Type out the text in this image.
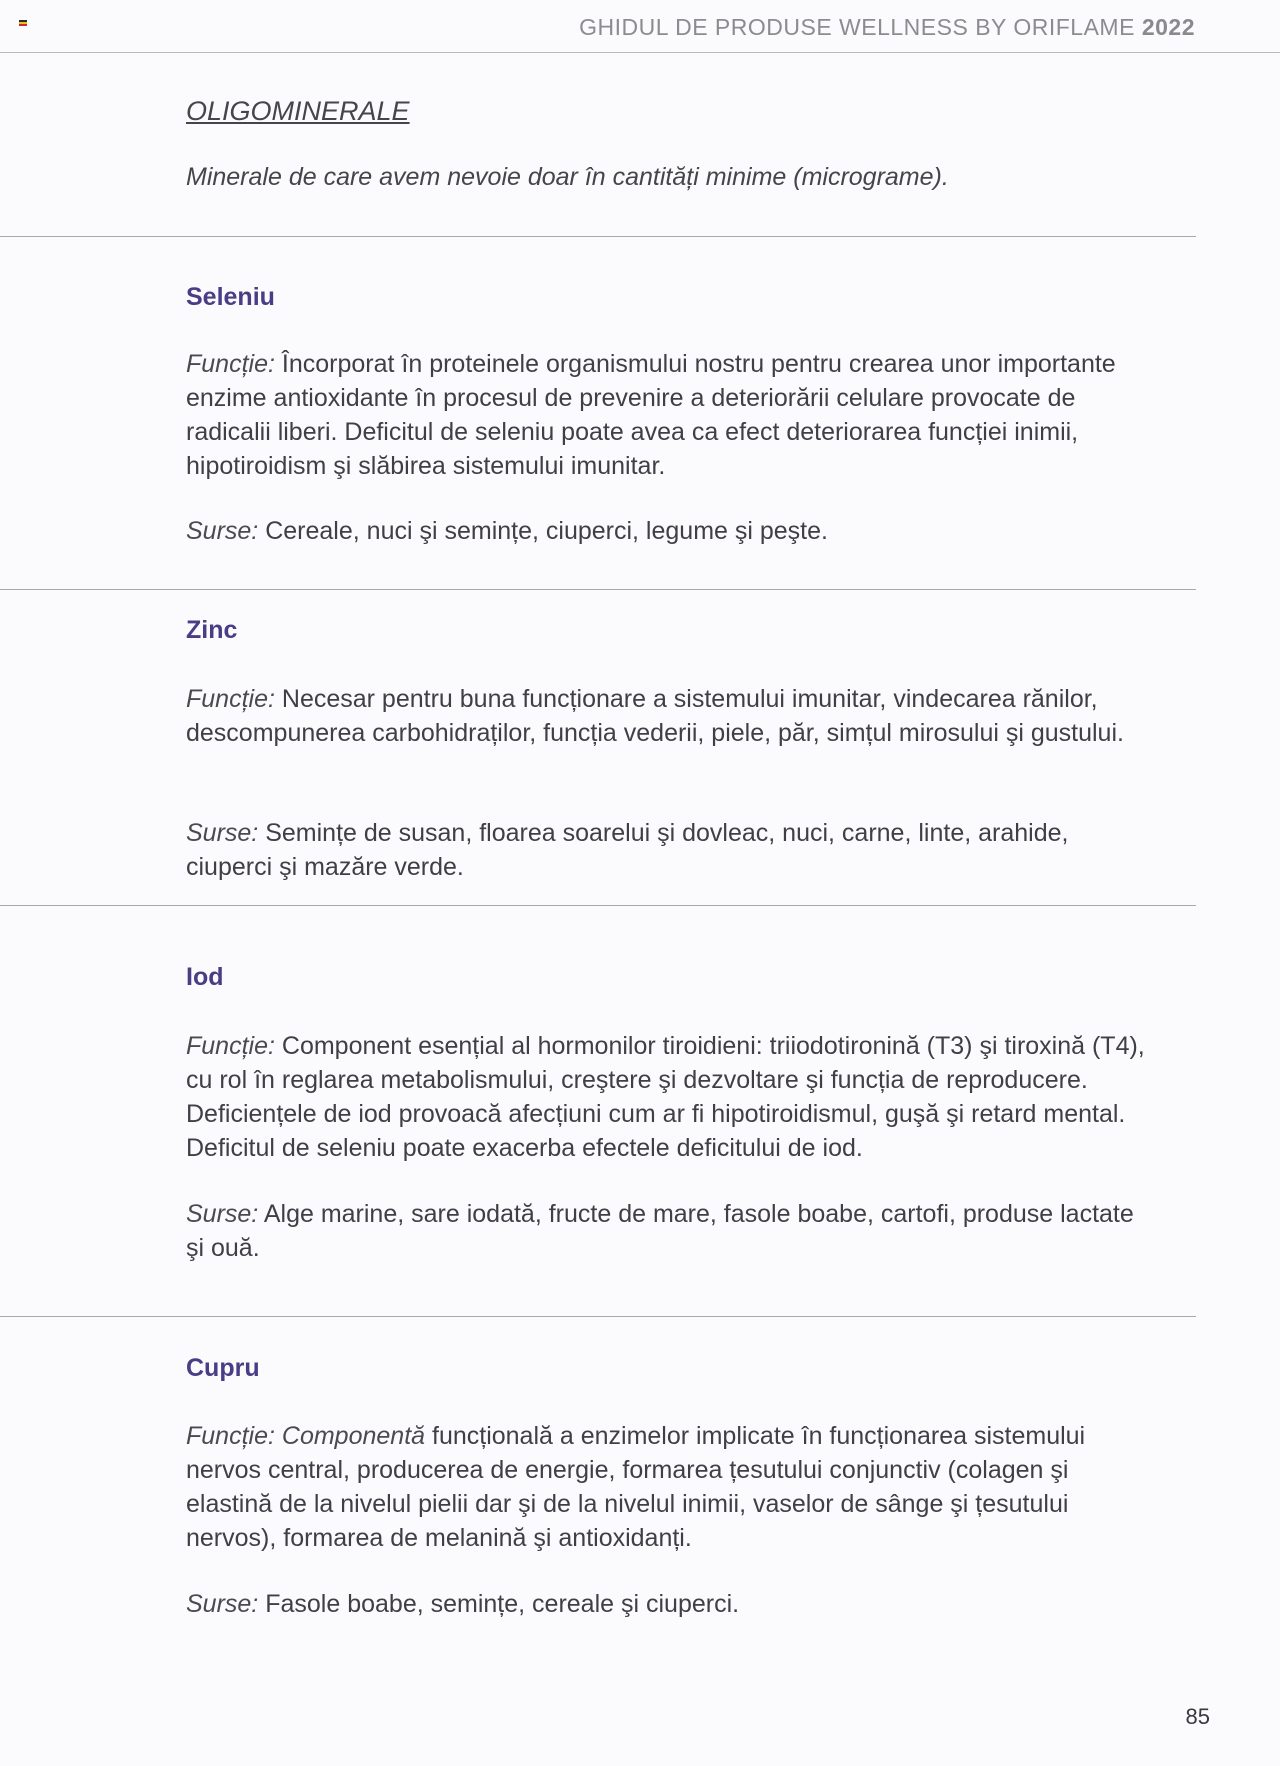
GHIDUL DE PRODUSE WELLNESS BY ORIFLAME 2022
OLIGOMINERALE
Minerale de care avem nevoie doar în cantități minime (micrograme).
Seleniu
Funcție: Încorporat în proteinele organismului nostru pentru crearea unor importante enzime antioxidante în procesul de prevenire a deteriorării celulare provocate de radicalii liberi. Deficitul de seleniu poate avea ca efect deteriorarea funcției inimii, hipotiroidism şi slăbirea sistemului imunitar.
Surse: Cereale, nuci şi semințe, ciuperci, legume şi peşte.
Zinc
Funcție: Necesar pentru buna funcționare a sistemului imunitar, vindecarea rănilor, descompunerea carbohidraților, funcția vederii, piele, păr, simțul mirosului şi gustului.
Surse: Semințe de susan, floarea soarelui şi dovleac, nuci, carne, linte, arahide, ciuperci şi mazăre verde.
Iod
Funcție: Component esențial al hormonilor tiroidieni: triiodotironină (T3) şi tiroxină (T4), cu rol în reglarea metabolismului, creştere şi dezvoltare şi funcția de reproducere. Deficiențele de iod provoacă afecțiuni cum ar fi hipotiroidismul, guşă şi retard mental. Deficitul de seleniu poate exacerba efectele deficitului de iod.
Surse: Alge marine, sare iodată, fructe de mare, fasole boabe, cartofi, produse lactate şi ouă.
Cupru
Funcție: Componentă funcțională a enzimelor implicate în funcționarea sistemului nervos central, producerea de energie, formarea țesutului conjunctiv (colagen şi elastină de la nivelul pielii dar şi de la nivelul inimii, vaselor de sânge şi țesutului nervos), formarea de melanină şi antioxidanți.
Surse: Fasole boabe, semințe, cereale şi ciuperci.
85
